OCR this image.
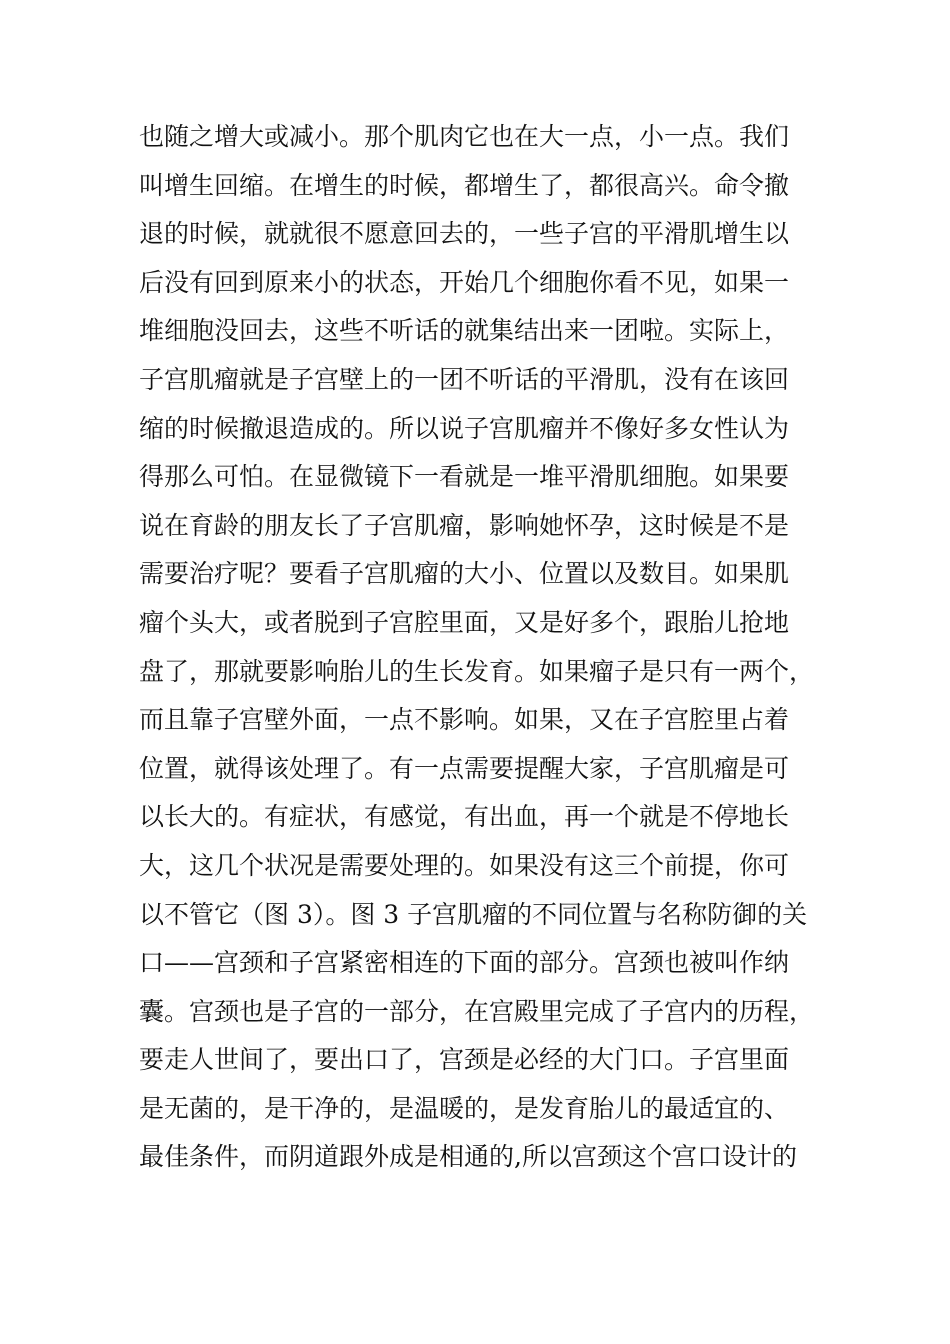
也随之增大或减小。那个肌肉它也在大一点，小一点。我们
叫增生回缩。在增生的时候，都增生了，都很高兴。命令撤
退的时候，就就很不愿意回去的，一些子宫的平滑肌增生以
后没有回到原来小的状态，开始几个细胞你看不见，如果一
堆细胞没回去，这些不听话的就集结出来一团啦。实际上，
子宫肌瘤就是子宫壁上的一团不听话的平滑肌，没有在该回
缩的时候撤退造成的。所以说子宫肌瘤并不像好多女性认为
得那么可怕。在显微镜下一看就是一堆平滑肌细胞。如果要
说在育龄的朋友长了子宫肌瘤，影响她怀孕，这时候是不是
需要治疗呢？要看子宫肌瘤的大小、位置以及数目。如果肌
瘤个头大，或者脱到子宫腔里面，又是好多个，跟胎儿抢地
盘了，那就要影响胎儿的生长发育。如果瘤子是只有一两个，
而且靠子宫壁外面，一点不影响。如果，又在子宫腔里占着
位置，就得该处理了。有一点需要提醒大家，子宫肌瘤是可
以长大的。有症状，有感觉，有出血，再一个就是不停地长
大，这几个状况是需要处理的。如果没有这三个前提，你可
以不管它（图 3）。图 3 子宫肌瘤的不同位置与名称防御的关
口——宫颈和子宫紧密相连的下面的部分。宫颈也被叫作纳
囊。宫颈也是子宫的一部分，在宫殿里完成了子宫内的历程，
要走人世间了，要出口了，宫颈是必经的大门口。子宫里面
是无菌的，是干净的，是温暖的，是发育胎儿的最适宜的、
最佳条件，而阴道跟外成是相通的,所以宫颈这个宫口设计的
